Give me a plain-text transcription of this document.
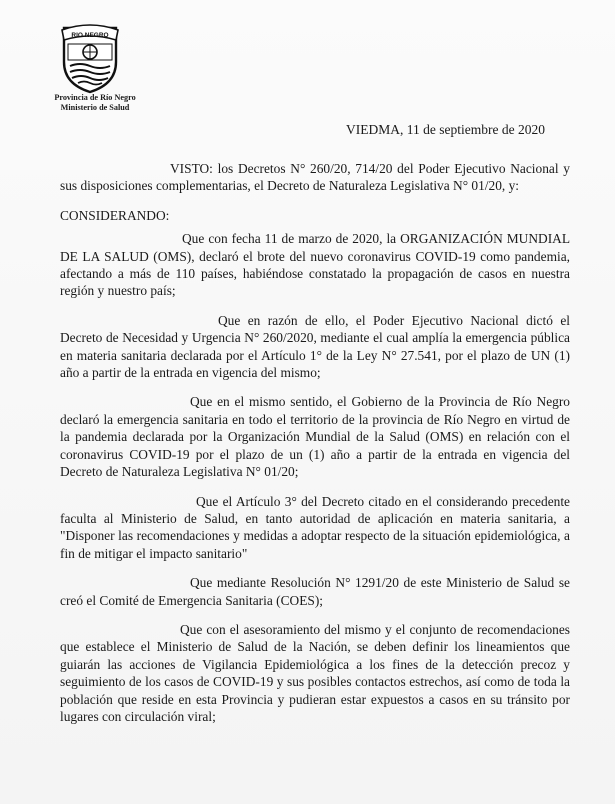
RIO NEGRO
Provincia de Río Negro
Ministerio de Salud
VIEDMA, 11 de septiembre de 2020

VISTO: los Decretos N° 260/20, 714/20 del Poder Ejecutivo Nacional y sus disposiciones complementarias, el Decreto de Naturaleza Legislativa N° 01/20, y:

CONSIDERANDO:

Que con fecha 11 de marzo de 2020, la ORGANIZACIÓN MUNDIAL DE LA SALUD (OMS), declaró el brote del nuevo coronavirus COVID-19 como pandemia, afectando a más de 110 países, habiéndose constatado la propagación de casos en nuestra región y nuestro país;

Que en razón de ello, el Poder Ejecutivo Nacional dictó el Decreto de Necesidad y Urgencia N° 260/2020, mediante el cual amplía la emergencia pública en materia sanitaria declarada por el Artículo 1° de la Ley N° 27.541, por el plazo de UN (1) año a partir de la entrada en vigencia del mismo;

Que en el mismo sentido, el Gobierno de la Provincia de Río Negro declaró la emergencia sanitaria en todo el territorio de la provincia de Río Negro en virtud de la pandemia declarada por la Organización Mundial de la Salud (OMS) en relación con el coronavirus COVID-19 por el plazo de un (1) año a partir de la entrada en vigencia del Decreto de Naturaleza Legislativa N° 01/20;

Que el Artículo 3° del Decreto citado en el considerando precedente faculta al Ministerio de Salud, en tanto autoridad de aplicación en materia sanitaria, a "Disponer las recomendaciones y medidas a adoptar respecto de la situación epidemiológica, a fin de mitigar el impacto sanitario"

Que mediante Resolución N° 1291/20 de este Ministerio de Salud se creó el Comité de Emergencia Sanitaria (COES);

Que con el asesoramiento del mismo y el conjunto de recomendaciones que establece el Ministerio de Salud de la Nación, se deben definir los lineamientos que guiarán las acciones de Vigilancia Epidemiológica a los fines de la detección precoz y seguimiento de los casos de COVID-19 y sus posibles contactos estrechos, así como de toda la población que reside en esta Provincia y pudieran estar expuestos a casos en su tránsito por lugares con circulación viral;
